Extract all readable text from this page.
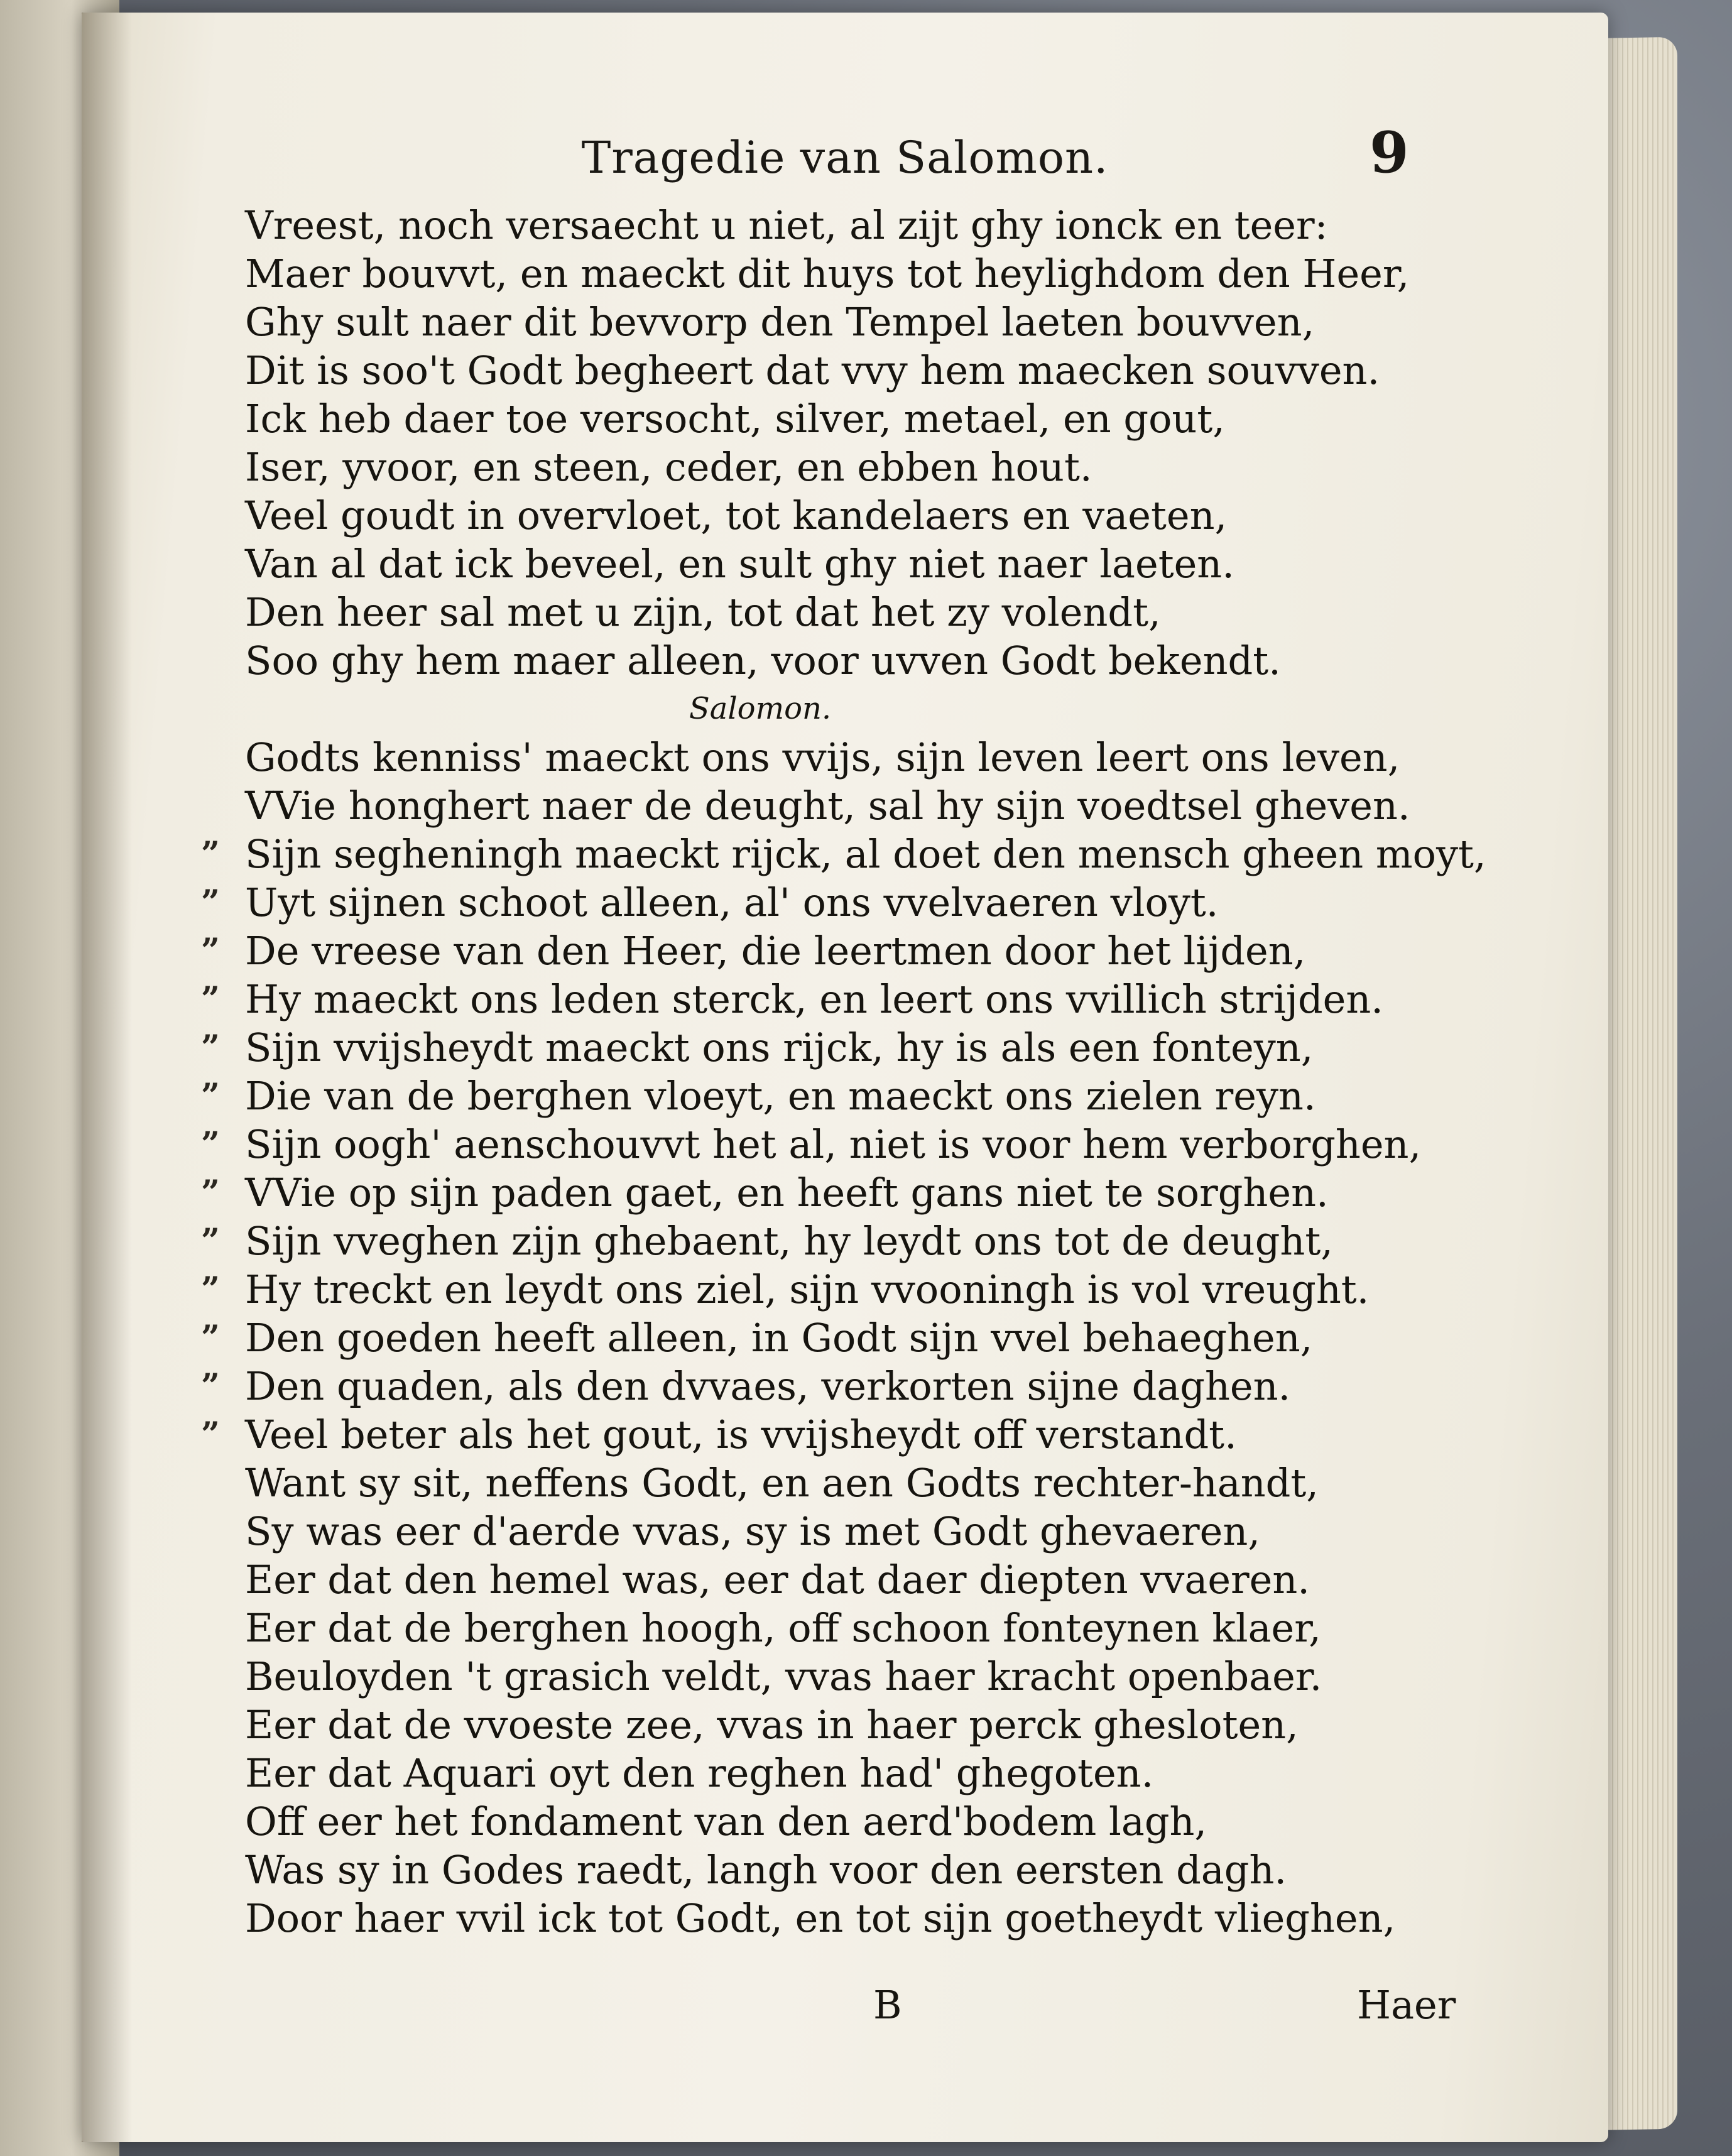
Tragedie van Salomon.	9
Vreest, noch versaecht u niet, al zijt ghy ionck en teer:
Maer bouvvt, en maeckt dit huys tot heylighdom den Heer,
Ghy sult naer dit bevvorp den Tempel laeten bouvven,
Dit is soo't Godt begheert dat vvy hem maecken souvven.
Ick heb daer toe versocht, silver, metael, en gout,
Iser, yvoor, en steen, ceder, en ebben hout.
Veel goudt in overvloet, tot kandelaers en vaeten,
Van al dat ick beveel, en sult ghy niet naer laeten.
Den heer sal met u zijn, tot dat het zy volendt,
Soo ghy hem maer alleen, voor uvven Godt bekendt.
Salomon.
Godts kenniss' maeckt ons vvijs, sijn leven leert ons leven,
VVie honghert naer de deught, sal hy sijn voedtsel gheven.
” Sijn segheningh maeckt rijck, al doet den mensch gheen moyt,
” Uyt sijnen schoot alleen, al' ons vvelvaeren vloyt.
” De vreese van den Heer, die leertmen door het lijden,
” Hy maeckt ons leden sterck, en leert ons vvillich strijden.
” Sijn vvijsheydt maeckt ons rijck, hy is als een fonteyn,
” Die van de berghen vloeyt, en maeckt ons zielen reyn.
” Sijn oogh' aenschouvvt het al, niet is voor hem verborghen,
” VVie op sijn paden gaet, en heeft gans niet te sorghen.
” Sijn vveghen zijn ghebaent, hy leydt ons tot de deught,
” Hy treckt en leydt ons ziel, sijn vvooningh is vol vreught.
” Den goeden heeft alleen, in Godt sijn vvel behaeghen,
” Den quaden, als den dvvaes, verkorten sijne daghen.
” Veel beter als het gout, is vvijsheydt off verstandt.
Want sy sit, neffens Godt, en aen Godts rechter-handt,
Sy was eer d'aerde vvas, sy is met Godt ghevaeren,
Eer dat den hemel was, eer dat daer diepten vvaeren.
Eer dat de berghen hoogh, off schoon fonteynen klaer,
Beuloyden 't grasich veldt, vvas haer kracht openbaer.
Eer dat de vvoeste zee, vvas in haer perck ghesloten,
Eer dat Aquari oyt den reghen had' ghegoten.
Off eer het fondament van den aerd'bodem lagh,
Was sy in Godes raedt, langh voor den eersten dagh.
Door haer vvil ick tot Godt, en tot sijn goetheydt vlieghen,
B	Haer
